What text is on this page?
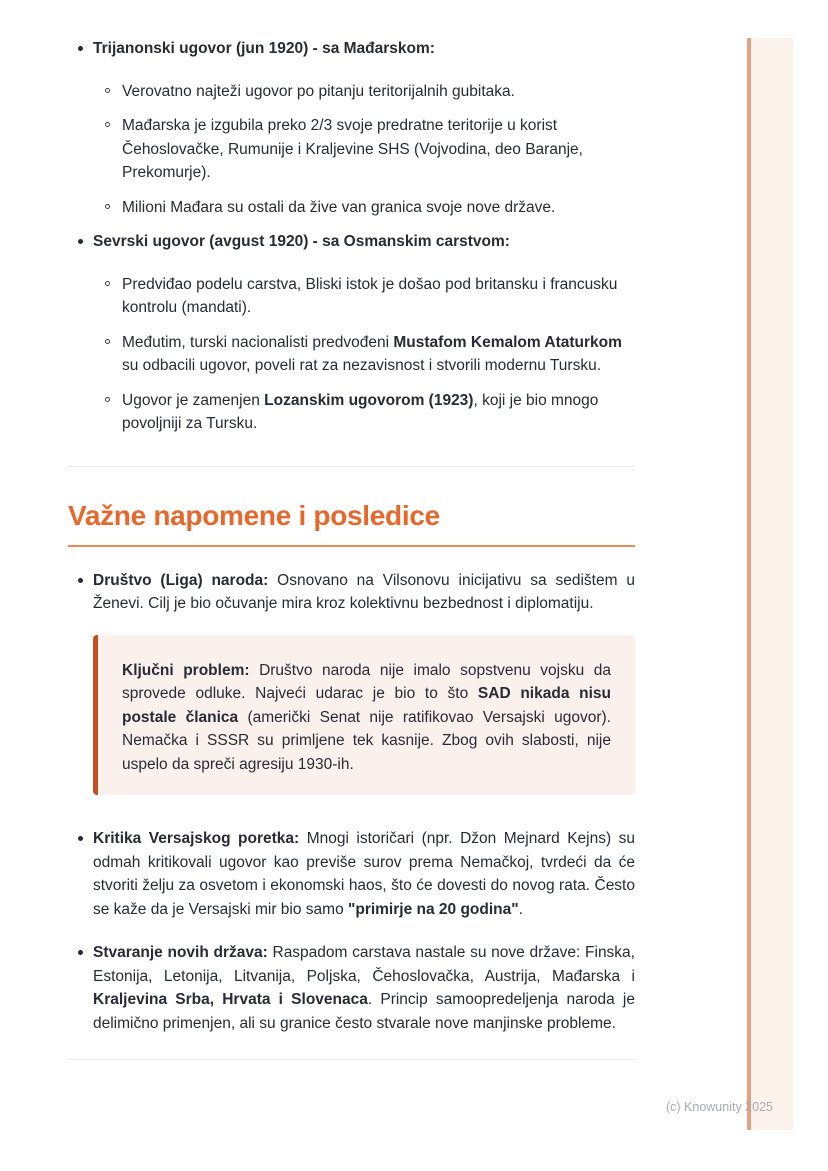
Trijanonski ugovor (jun 1920) - sa Mađarskom:

Verovatno najteži ugovor po pitanju teritorijalnih gubitaka.

Mađarska je izgubila preko 2/3 svoje predratne teritorije u korist Čehoslovačke, Rumunije i Kraljevine SHS (Vojvodina, deo Baranje, Prekomurje).

Milioni Mađara su ostali da žive van granica svoje nove države.

Sevrski ugovor (avgust 1920) - sa Osmanskim carstvom:

Predviđao podelu carstva, Bliski istok je došao pod britansku i francusku kontrolu (mandati).

Međutim, turski nacionalisti predvođeni Mustafom Kemalom Ataturkom su odbacili ugovor, poveli rat za nezavisnost i stvorili modernu Tursku.

Ugovor je zamenjen Lozanskim ugovorom (1923), koji je bio mnogo povoljniji za Tursku.

Važne napomene i posledice

Društvo (Liga) naroda: Osnovano na Vilsonovu inicijativu sa sedištem u Ženevi. Cilj je bio očuvanje mira kroz kolektivnu bezbednost i diplomatiju.

Ključni problem: Društvo naroda nije imalo sopstvenu vojsku da sprovede odluke. Najveći udarac je bio to što SAD nikada nisu postale članica (američki Senat nije ratifikovao Versajski ugovor). Nemačka i SSSR su primljene tek kasnije. Zbog ovih slabosti, nije uspelo da spreči agresiju 1930-ih.

Kritika Versajskog poretka: Mnogi istoričari (npr. Džon Mejnard Kejns) su odmah kritikovali ugovor kao previše surov prema Nemačkoj, tvrdeći da će stvoriti želju za osvetom i ekonomski haos, što će dovesti do novog rata. Često se kaže da je Versajski mir bio samo "primirje na 20 godina".

Stvaranje novih država: Raspadom carstava nastale su nove države: Finska, Estonija, Letonija, Litvanija, Poljska, Čehoslovačka, Austrija, Mađarska i Kraljevina Srba, Hrvata i Slovenaca. Princip samoopredeljenja naroda je delimično primenjen, ali su granice često stvarale nove manjinske probleme.

(c) Knowunity 2025
